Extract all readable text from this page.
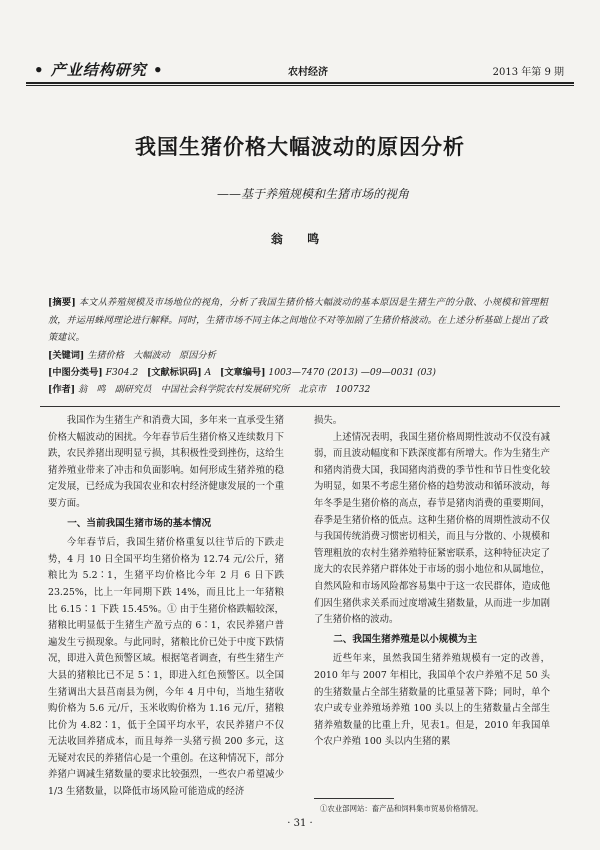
• 产业结构研究 •	农村经济	2013 年第 9 期
我国生猪价格大幅波动的原因分析
——基于养殖规模和生猪市场的视角
翁 鸣
[摘要] 本文从养殖规模及市场地位的视角，分析了我国生猪价格大幅波动的基本原因是生猪生产的分散、小规模和管理粗放，并运用蛛网理论进行解释。同时，生猪市场不同主体之间地位不对等加剧了生猪价格波动。在上述分析基础上提出了政策建议。
[关键词] 生猪价格　大幅波动　原因分析
[中图分类号] F304.2 [文献标识码] A [文章编号] 1003—7470 (2013) —09—0031 (03)
[作者] 翁　鸣　副研究员　中国社会科学院农村发展研究所　北京市　100732

我国作为生猪生产和消费大国，多年来一直承受生猪价格大幅波动的困扰。今年春节后生猪价格又连续数月下跌，农民养猪出现明显亏损，其积极性受到挫伤，这给生猪养殖业带来了冲击和负面影响。如何形成生猪养殖的稳定发展，已经成为我国农业和农村经济健康发展的一个重要方面。

一、当前我国生猪市场的基本情况

今年春节后，我国生猪价格重复以往节后的下跌走势，4 月 10 日全国平均生猪价格为 12.74 元/公斤，猪粮比为 5.2∶1，生猪平均价格比今年 2 月 6 日下跌 23.25%，比上一年同期下跌 14%，而且比上一年猪粮比 6.15∶1 下跌 15.45%。① 由于生猪价格跌幅较深，猪粮比明显低于生猪生产盈亏点的 6∶1，农民养猪户普遍发生亏损现象。与此同时，猪粮比价已处于中度下跌情况，即进入黄色预警区域。根据笔者调查，有些生猪生产大县的猪粮比已不足 5∶1，即进入红色预警区。以全国生猪调出大县莒南县为例，今年 4 月中旬，当地生猪收购价格为 5.6 元/斤，玉米收购价格为 1.16 元/斤，猪粮比价为 4.82∶1，低于全国平均水平，农民养猪户不仅无法收回养猪成本，而且每养一头猪亏损 200 多元，这无疑对农民的养猪信心是一个重创。在这种情况下，部分养猪户调减生猪数量的要求比较强烈，一些农户希望减少 1/3 生猪数量，以降低市场风险可能造成的经济

损失。

上述情况表明，我国生猪价格周期性波动不仅没有减弱，而且波动幅度和下跌深度都有所增大。作为生猪生产和猪肉消费大国，我国猪肉消费的季节性和节日性变化较为明显，如果不考虑生猪价格的趋势波动和循环波动，每年冬季是生猪价格的高点，春节是猪肉消费的重要期间，春季是生猪价格的低点。这种生猪价格的周期性波动不仅与我国传统消费习惯密切相关，而且与分散的、小规模和管理粗放的农村生猪养殖特征紧密联系，这种特征决定了庞大的农民养猪户群体处于市场的弱小地位和从属地位，自然风险和市场风险都容易集中于这一农民群体，造成他们因生猪供求关系而过度增减生猪数量，从而进一步加剧了生猪价格的波动。

二、我国生猪养殖是以小规模为主

近些年来，虽然我国生猪养殖规模有一定的改善，2010 年与 2007 年相比，我国单个农户养殖不足 50 头的生猪数量占全部生猪数量的比重显著下降；同时，单个农户或专业养殖场养殖 100 头以上的生猪数量占全部生猪养殖数量的比重上升，见表1。但是，2010 年我国单个农户养殖 100 头以内生猪的累

①农业部网站：畜产品和饲料集市贸易价格情况。
· 31 ·
